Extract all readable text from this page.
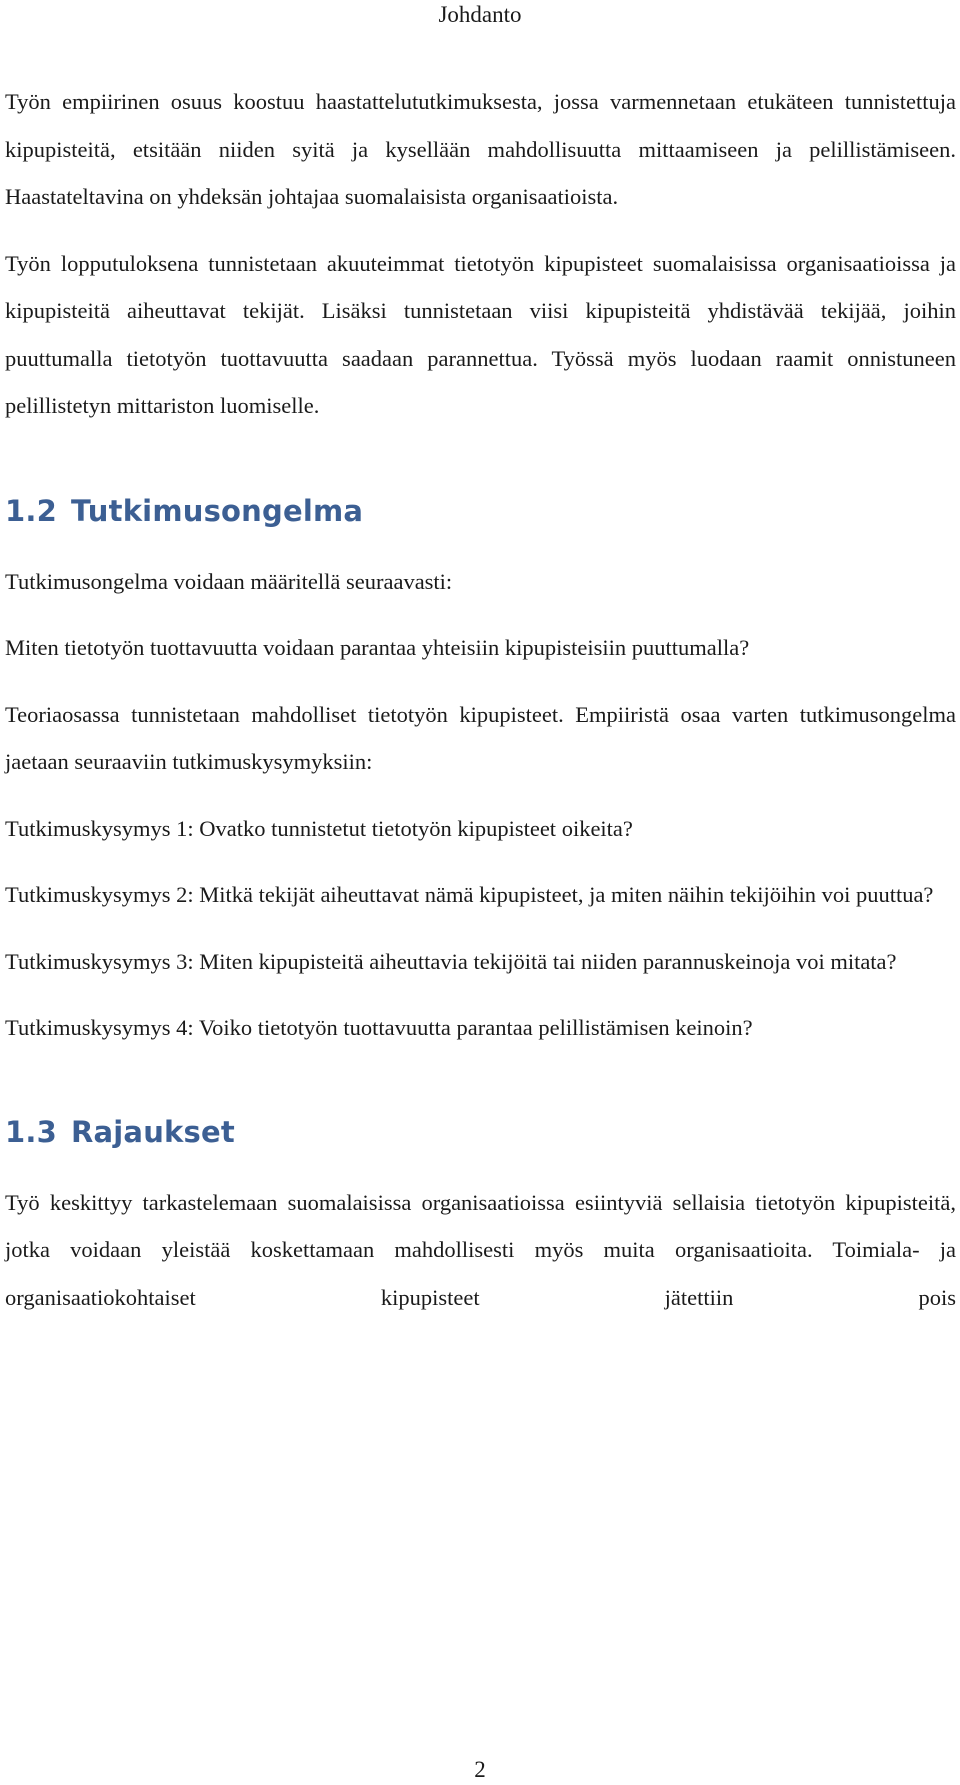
Johdanto

Työn empiirinen osuus koostuu haastattelututkimuksesta, jossa varmennetaan etukäteen tunnistettuja kipupisteitä, etsitään niiden syitä ja kysellään mahdollisuutta mittaamiseen ja pelillistämiseen. Haastateltavina on yhdeksän johtajaa suomalaisista organisaatioista.

Työn lopputuloksena tunnistetaan akuuteimmat tietotyön kipupisteet suomalaisissa organisaatioissa ja kipupisteitä aiheuttavat tekijät. Lisäksi tunnistetaan viisi kipupisteitä yhdistävää tekijää, joihin puuttumalla tietotyön tuottavuutta saadaan parannettua. Työssä myös luodaan raamit onnistuneen pelillistetyn mittariston luomiselle.

1.2 Tutkimusongelma

Tutkimusongelma voidaan määritellä seuraavasti:

Miten tietotyön tuottavuutta voidaan parantaa yhteisiin kipupisteisiin puuttumalla?

Teoriaosassa tunnistetaan mahdolliset tietotyön kipupisteet. Empiiristä osaa varten tutkimusongelma jaetaan seuraaviin tutkimuskysymyksiin:

Tutkimuskysymys 1: Ovatko tunnistetut tietotyön kipupisteet oikeita?

Tutkimuskysymys 2: Mitkä tekijät aiheuttavat nämä kipupisteet, ja miten näihin tekijöihin voi puuttua?

Tutkimuskysymys 3: Miten kipupisteitä aiheuttavia tekijöitä tai niiden parannuskeinoja voi mitata?

Tutkimuskysymys 4: Voiko tietotyön tuottavuutta parantaa pelillistämisen keinoin?

1.3 Rajaukset

Työ keskittyy tarkastelemaan suomalaisissa organisaatioissa esiintyviä sellaisia tietotyön kipupisteitä, jotka voidaan yleistää koskettamaan mahdollisesti myös muita organisaatioita. Toimiala- ja organisaatiokohtaiset kipupisteet jätettiin pois

2
